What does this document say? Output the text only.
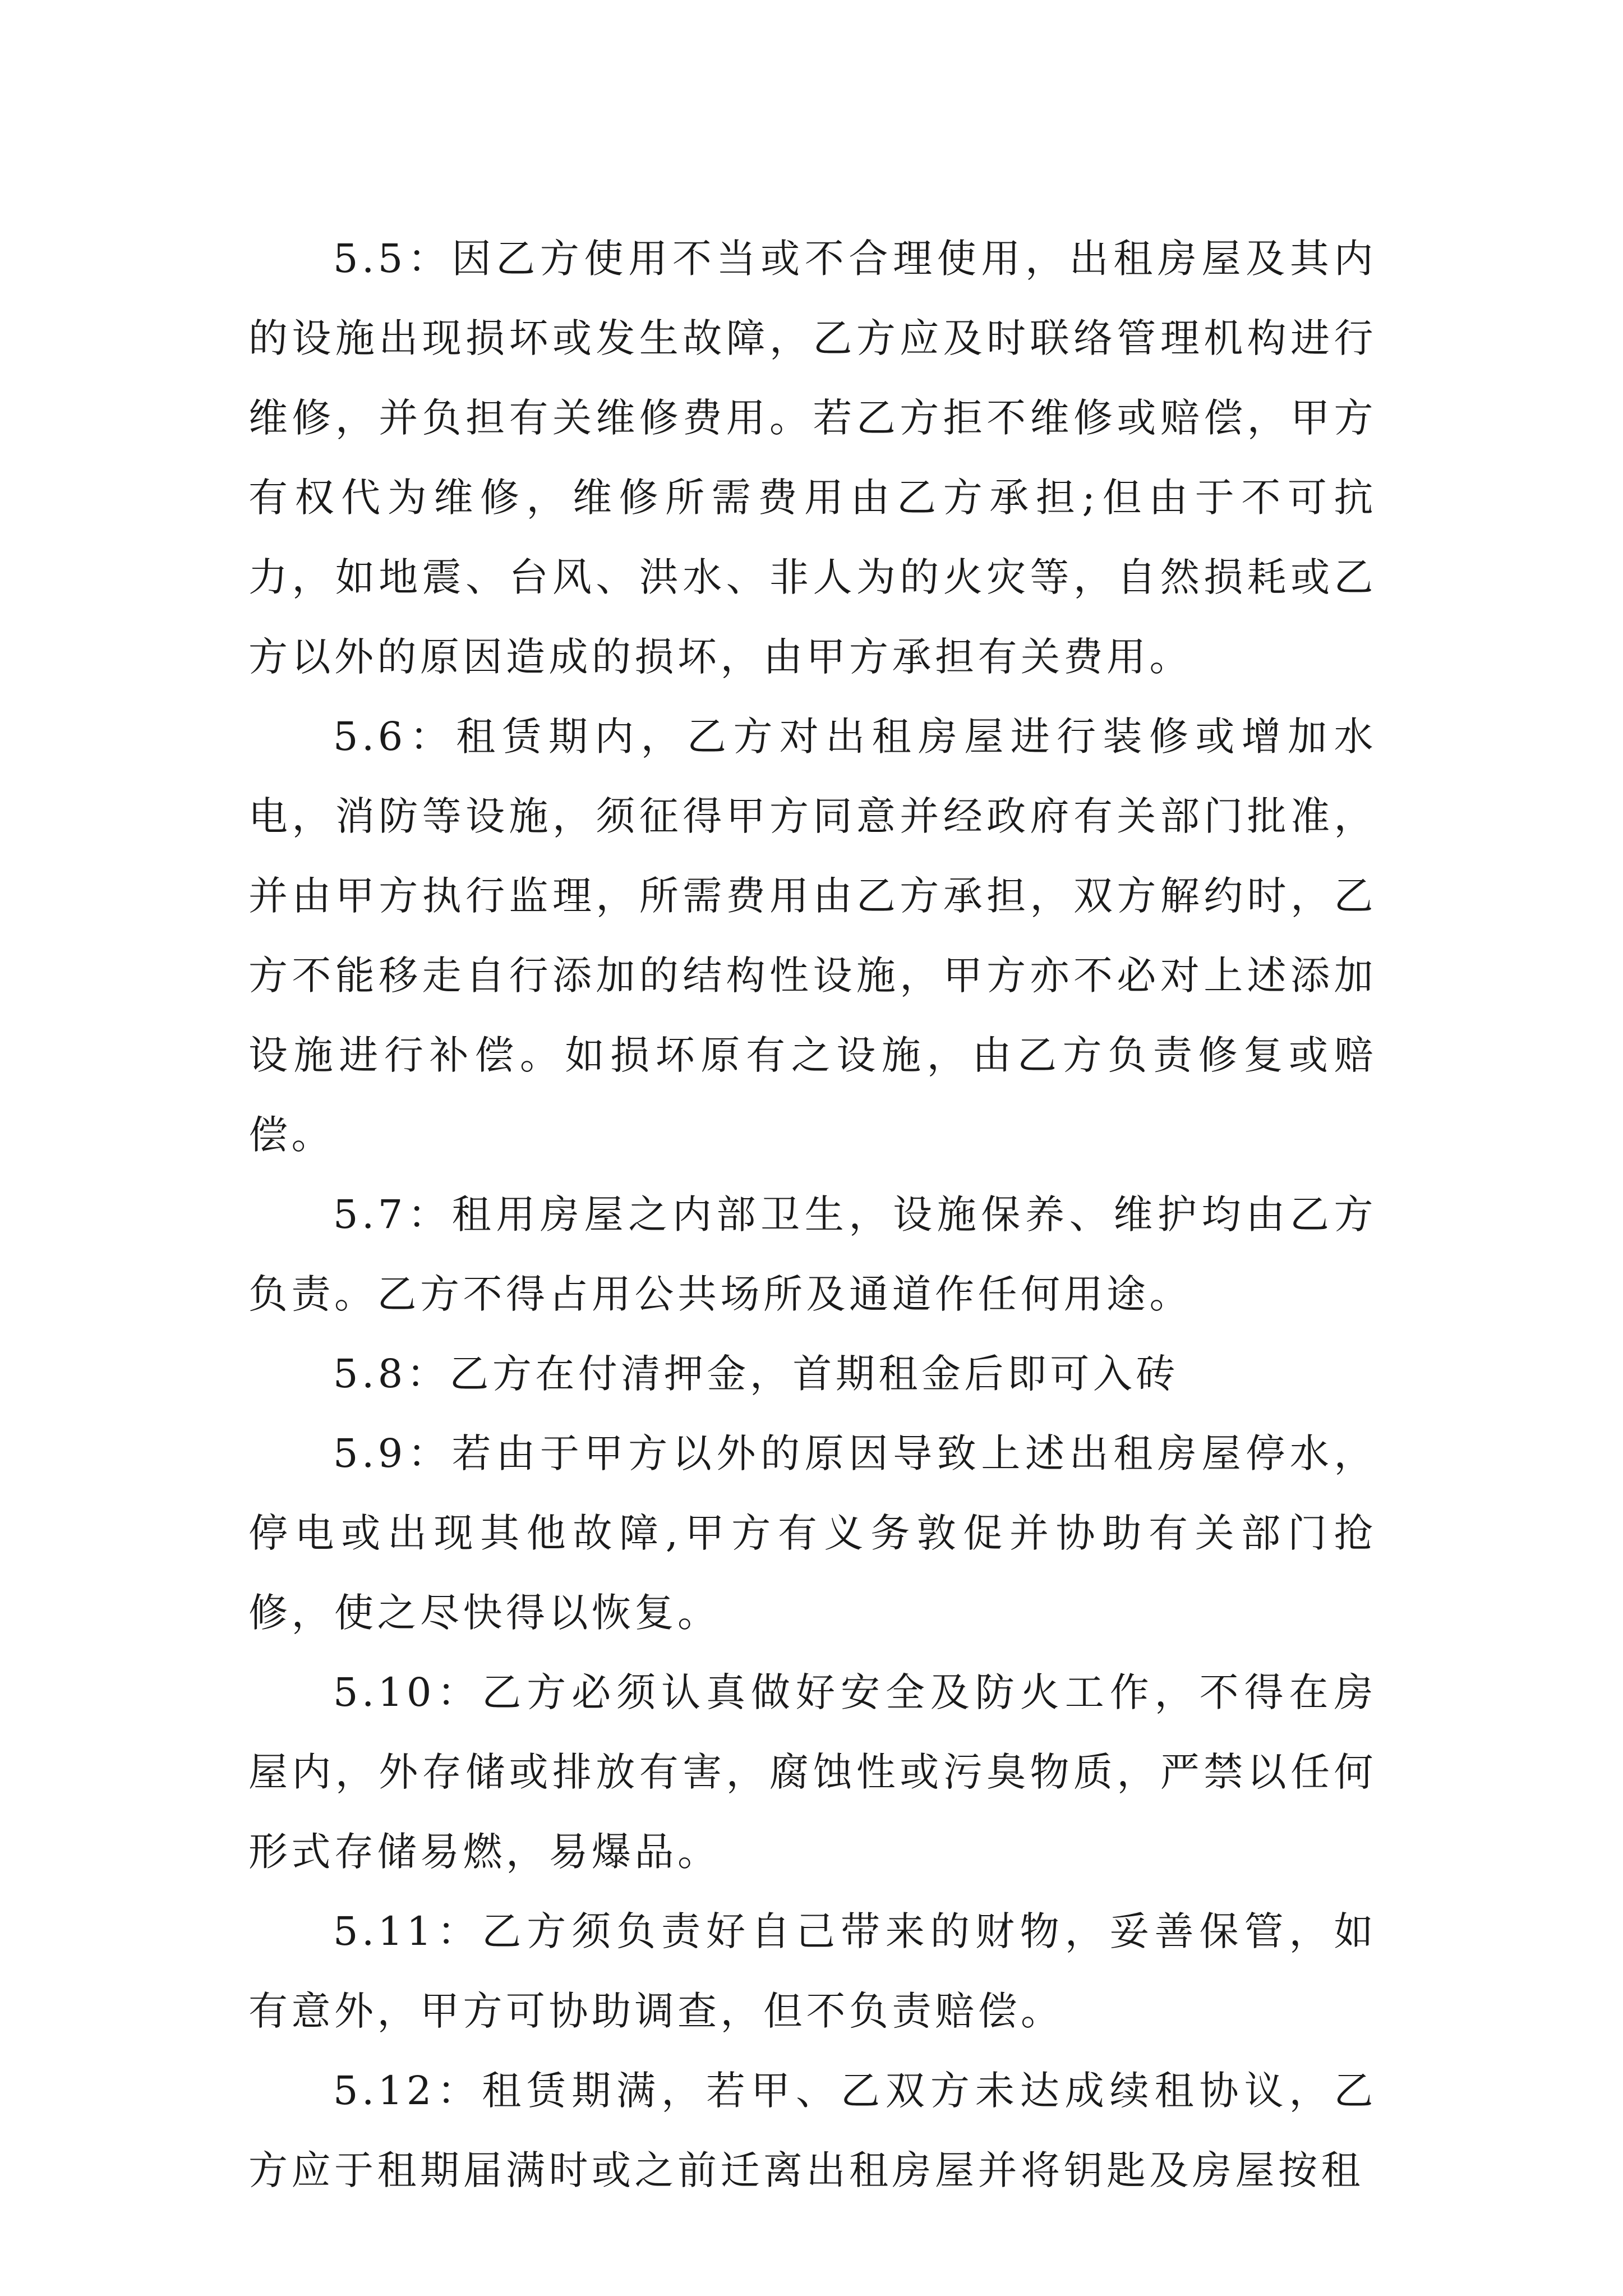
5.5：因乙方使用不当或不合理使用，出租房屋及其内的设施出现损坏或发生故障，乙方应及时联络管理机构进行维修，并负担有关维修费用。若乙方拒不维修或赔偿，甲方有权代为维修，维修所需费用由乙方承担;但由于不可抗力，如地震、台风、洪水、非人为的火灾等，自然损耗或乙方以外的原因造成的损坏，由甲方承担有关费用。

5.6：租赁期内，乙方对出租房屋进行装修或增加水电，消防等设施，须征得甲方同意并经政府有关部门批准，并由甲方执行监理，所需费用由乙方承担，双方解约时，乙方不能移走自行添加的结构性设施，甲方亦不必对上述添加设施进行补偿。如损坏原有之设施，由乙方负责修复或赔偿。

5.7：租用房屋之内部卫生，设施保养、维护均由乙方负责。乙方不得占用公共场所及通道作任何用途。

5.8：乙方在付清押金，首期租金后即可入砖

5.9：若由于甲方以外的原因导致上述出租房屋停水，停电或出现其他故障,甲方有义务敦促并协助有关部门抢修，使之尽快得以恢复。

5.10：乙方必须认真做好安全及防火工作，不得在房屋内，外存储或排放有害，腐蚀性或污臭物质，严禁以任何形式存储易燃，易爆品。

5.11：乙方须负责好自己带来的财物，妥善保管，如有意外，甲方可协助调查，但不负责赔偿。

5.12：租赁期满，若甲、乙双方未达成续租协议，乙方应于租期届满时或之前迁离出租房屋并将钥匙及房屋按租
